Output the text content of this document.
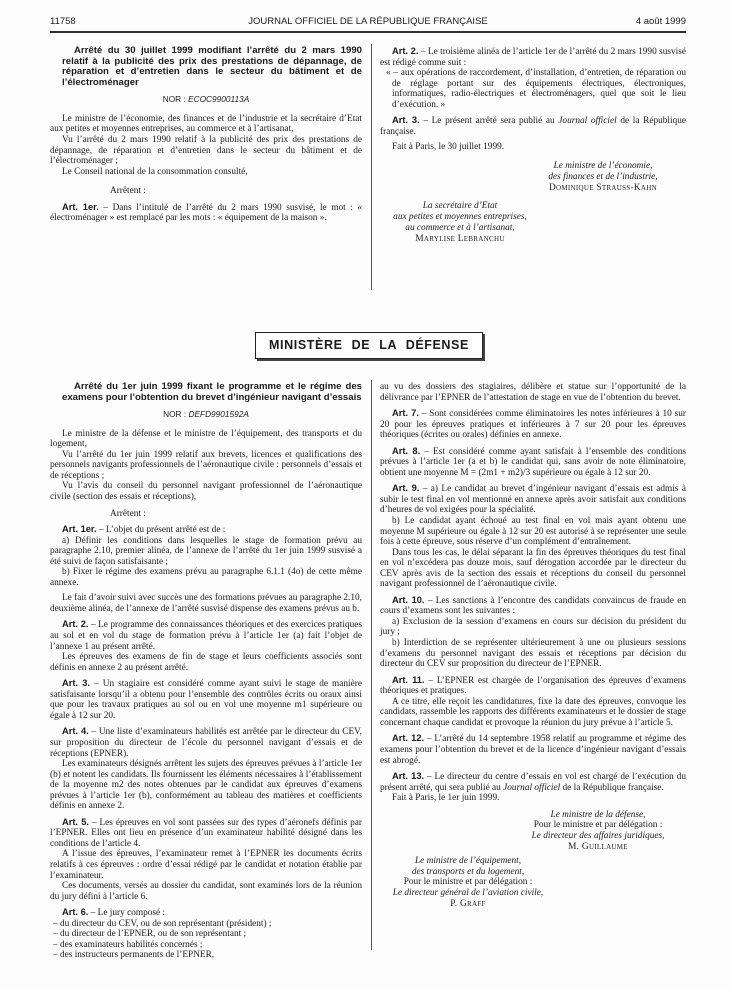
11758	JOURNAL OFFICIEL DE LA RÉPUBLIQUE FRANÇAISE	4 août 1999

Arrêté du 30 juillet 1999 modifiant l’arrêté du 2 mars 1990 relatif à la publicité des prix des prestations de dépannage, de réparation et d’entretien dans le secteur du bâtiment et de l’électroménager

NOR : ECOC9900113A

Le ministre de l’économie, des finances et de l’industrie et la secrétaire d’Etat aux petites et moyennes entreprises, au commerce et à l’artisanat,

Vu l’arrêté du 2 mars 1990 relatif à la publicité des prix des prestations de dépannage, de réparation et d’entretien dans le secteur du bâtiment et de l’électroménager ;

Le Conseil national de la consommation consulté,

Arrêtent :

Art. 1er. – Dans l’intitulé de l’arrêté du 2 mars 1990 susvisé, le mot : « électroménager » est remplacé par les mots : « équipement de la maison ».

Art. 2. – Le troisième alinéa de l’article 1er de l’arrêté du 2 mars 1990 susvisé est rédigé comme suit :

« – aux opérations de raccordement, d’installation, d’entretien, de réparation ou de réglage portant sur des équipements électriques, électroniques, informatiques, radio-électriques et électroménagers, quel que soit le lieu d’exécution. »

Art. 3. – Le présent arrêté sera publié au Journal officiel de la République française.

Fait à Paris, le 30 juillet 1999.

Le ministre de l’économie,
des finances et de l’industrie,
Dominique Strauss-Kahn
La secrétaire d’Etat
aux petites et moyennes entreprises,
au commerce et à l’artisanat,
Marylise Lebranchu
MINISTÈRE DE LA DÉFENSE

Arrêté du 1er juin 1999 fixant le programme et le régime des examens pour l’obtention du brevet d’ingénieur navigant d’essais

NOR : DEFD9901592A

Le ministre de la défense et le ministre de l’équipement, des transports et du logement,

Vu l’arrêté du 1er juin 1999 relatif aux brevets, licences et qualifications des personnels navigants professionnels de l’aéronautique civile : personnels d’essais et de réceptions ;

Vu l’avis du conseil du personnel navigant professionnel de l’aéronautique civile (section des essais et réceptions),

Arrêtent :

Art. 1er. – L’objet du présent arrêté est de :

a) Définir les conditions dans lesquelles le stage de formation prévu au paragraphe 2.10, premier alinéa, de l’annexe de l’arrêté du 1er juin 1999 susvisé a été suivi de façon satisfaisante ;

b) Fixer le régime des examens prévu au paragraphe 6.1.1 (4o) de cette même annexe.

Le fait d’avoir suivi avec succès une des formations prévues au paragraphe 2.10, deuxième alinéa, de l’annexe de l’arrêté susvisé dispense des examens prévus au b.

Art. 2. – Le programme des connaissances théoriques et des exercices pratiques au sol et en vol du stage de formation prévu à l’article 1er (a) fait l’objet de l’annexe 1 au présent arrêté.

Les épreuves des examens de fin de stage et leurs coefficients associés sont définis en annexe 2 au présent arrêté.

Art. 3. – Un stagiaire est considéré comme ayant suivi le stage de manière satisfaisante lorsqu’il a obtenu pour l’ensemble des contrôles écrits ou oraux ainsi que pour les travaux pratiques au sol ou en vol une moyenne m1 supérieure ou égale à 12 sur 20.

Art. 4. – Une liste d’examinateurs habilités est arrêtée par le directeur du CEV, sur proposition du directeur de l’école du personnel navigant d’essais et de réceptions (EPNER).

Les examinateurs désignés arrêtent les sujets des épreuves prévues à l’article 1er (b) et notent les candidats. Ils fournissent les éléments nécessaires à l’établissement de la moyenne m2 des notes obtenues par le candidat aux épreuves d’examens prévues à l’article 1er (b), conformément au tableau des matières et coefficients définis en annexe 2.

Art. 5. – Les épreuves en vol sont passées sur des types d’aéronefs définis par l’EPNER. Elles ont lieu en présence d’un examinateur habilité désigné dans les conditions de l’article 4.

A l’issue des épreuves, l’examinateur remet à l’EPNER les documents écrits relatifs à ces épreuves : ordre d’essai rédigé par le candidat et notation établie par l’examinateur.

Ces documents, versés au dossier du candidat, sont examinés lors de la réunion du jury défini à l’article 6.

Art. 6. – Le jury composé :

– du directeur du CEV, ou de son représentant (président) ;

– du directeur de l’EPNER, ou de son représentant ;

– des examinateurs habilités concernés ;

– des instructeurs permanents de l’EPNER,

au vu des dossiers des stagiaires, délibère et statue sur l’opportunité de la délivrance par l’EPNER de l’attestation de stage en vue de l’obtention du brevet.

Art. 7. – Sont considérées comme éliminatoires les notes inférieures à 10 sur 20 pour les épreuves pratiques et inférieures à 7 sur 20 pour les épreuves théoriques (écrites ou orales) définies en annexe.

Art. 8. – Est considéré comme ayant satisfait à l’ensemble des conditions prévues à l’article 1er (a et b) le candidat qui, sans avoir de note éliminatoire, obtient une moyenne M = (2m1 + m2)/3 supérieure ou égale à 12 sur 20.

Art. 9. – a) Le candidat au brevet d’ingénieur navigant d’essais est admis à subir le test final en vol mentionné en annexe après avoir satisfait aux conditions d’heures de vol exigées pour la spécialité.

b) Le candidat ayant échoué au test final en vol mais ayant obtenu une moyenne M supérieure ou égale à 12 sur 20 est autorisé à se représenter une seule fois à cette épreuve, sous réserve d’un complément d’entraînement.

Dans tous les cas, le délai séparant la fin des épreuves théoriques du test final en vol n’excédera pas douze mois, sauf dérogation accordée par le directeur du CEV après avis de la section des essais et réceptions du conseil du personnel navigant professionnel de l’aéronautique civile.

Art. 10. – Les sanctions à l’encontre des candidats convaincus de fraude en cours d’examens sont les suivantes :

a) Exclusion de la session d’examens en cours sur décision du président du jury ;

b) Interdiction de se représenter ultérieurement à une ou plusieurs sessions d’examens du personnel navigant des essais et réceptions par décision du directeur du CEV sur proposition du directeur de l’EPNER.

Art. 11. – L’EPNER est chargée de l’organisation des épreuves d’examens théoriques et pratiques.

A ce titre, elle reçoit les candidatures, fixe la date des épreuves, convoque les candidats, rassemble les rapports des différents examinateurs et le dossier de stage concernant chaque candidat et provoque la réunion du jury prévue à l’article 5.

Art. 12. – L’arrêté du 14 septembre 1958 relatif au programme et régime des examens pour l’obtention du brevet et de la licence d’ingénieur navigant d’essais est abrogé.

Art. 13. – Le directeur du centre d’essais en vol est chargé de l’exécution du présent arrêté, qui sera publié au Journal officiel de la République française.

Fait à Paris, le 1er juin 1999.

Le ministre de la défense,
Pour le ministre et par délégation :
Le directeur des affaires juridiques,
M. Guillaume
Le ministre de l’équipement,
des transports et du logement,
Pour le ministre et par délégation :
Le directeur général de l’aviation civile,
P. Graff
